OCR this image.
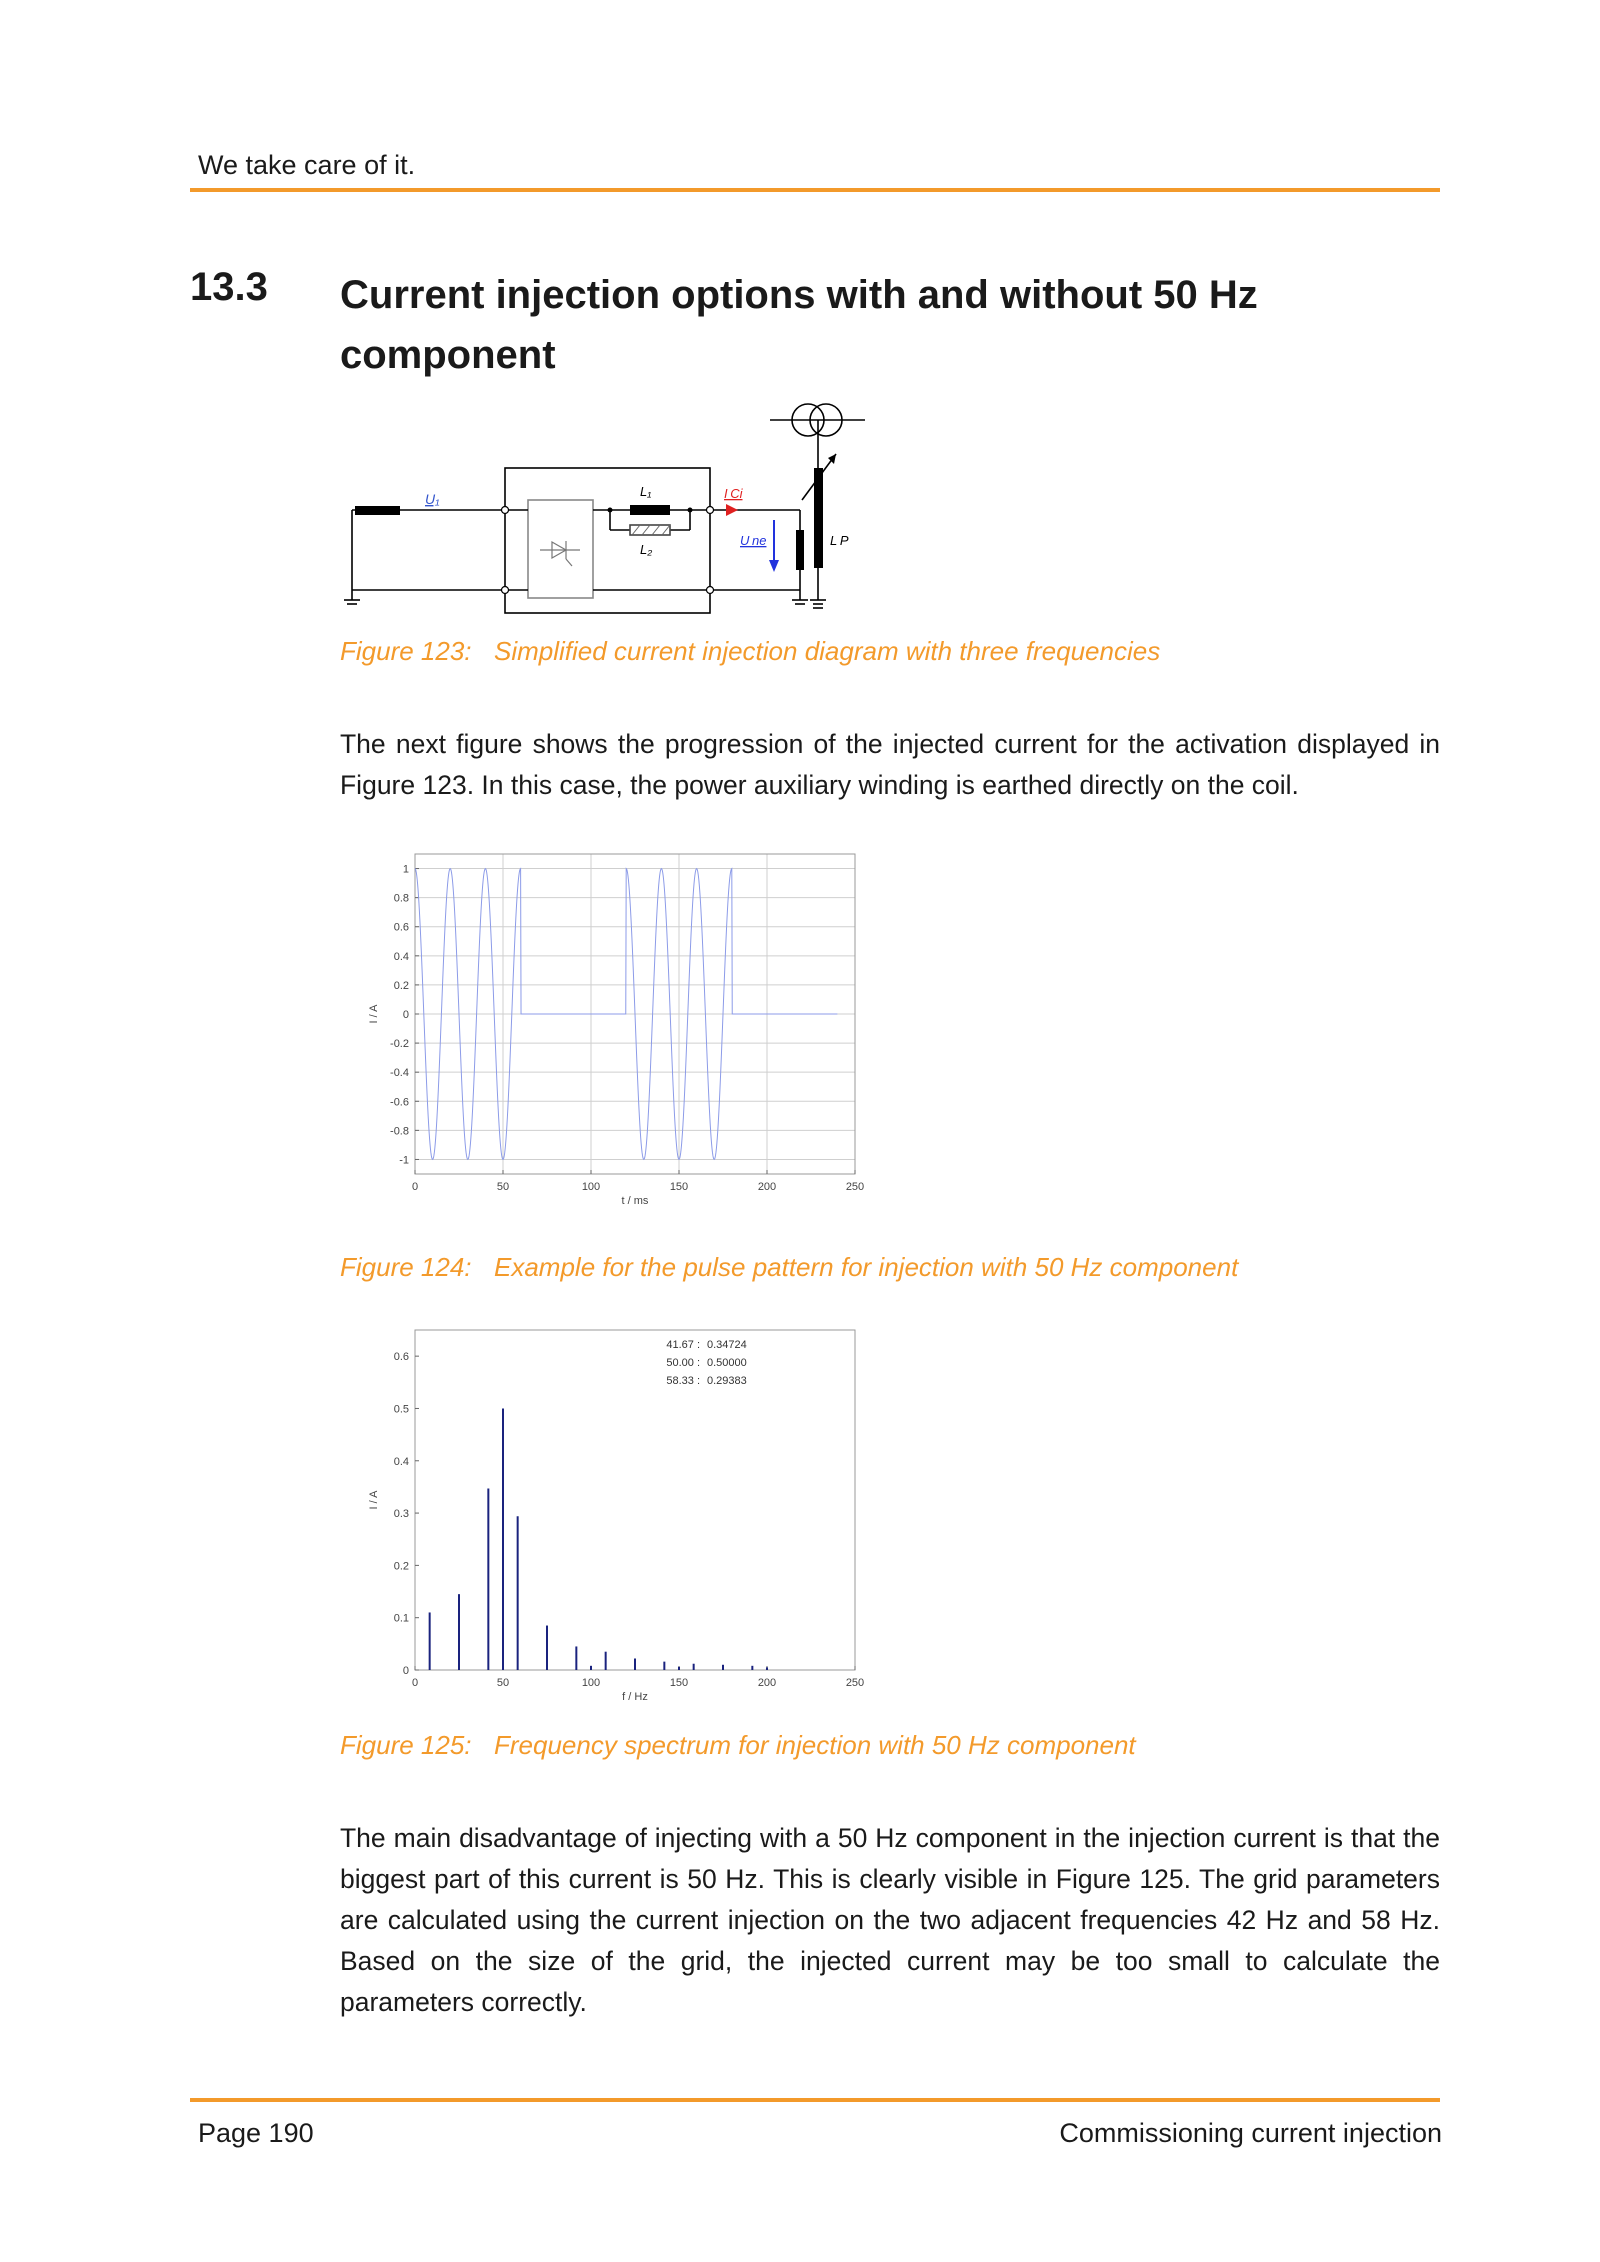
We take care of it.
13.3 Current injection options with and without 50 Hz component
U₁	L₁
L₂
I Ci
U ne	L P
Figure 123: Simplified current injection diagram with three frequencies
The next figure shows the progression of the injected current for the activation displayed in Figure 123. In this case, the power auxiliary winding is earthed directly on the coil.
0	50	100	150	200	250
1
0.8
0.6
0.4
0.2
0
-0.2
-0.4
-0.6
-0.8
-1
t / ms
I / A
Figure 124: Example for the pulse pattern for injection with 50 Hz component
0	50	100	150	200	250
0
0.1
0.2
0.3
0.4
0.5
0.6
f / Hz
I / A
41.67 : 0.34724
50.00 : 0.50000
58.33 : 0.29383
Figure 125: Frequency spectrum for injection with 50 Hz component
The main disadvantage of injecting with a 50 Hz component in the injection current is that the biggest part of this current is 50 Hz. This is clearly visible in Figure 125. The grid parameters are calculated using the current injection on the two adjacent frequencies 42 Hz and 58 Hz. Based on the size of the grid, the injected current may be too small to calculate the parameters correctly.
Page 190	Commissioning current injection
